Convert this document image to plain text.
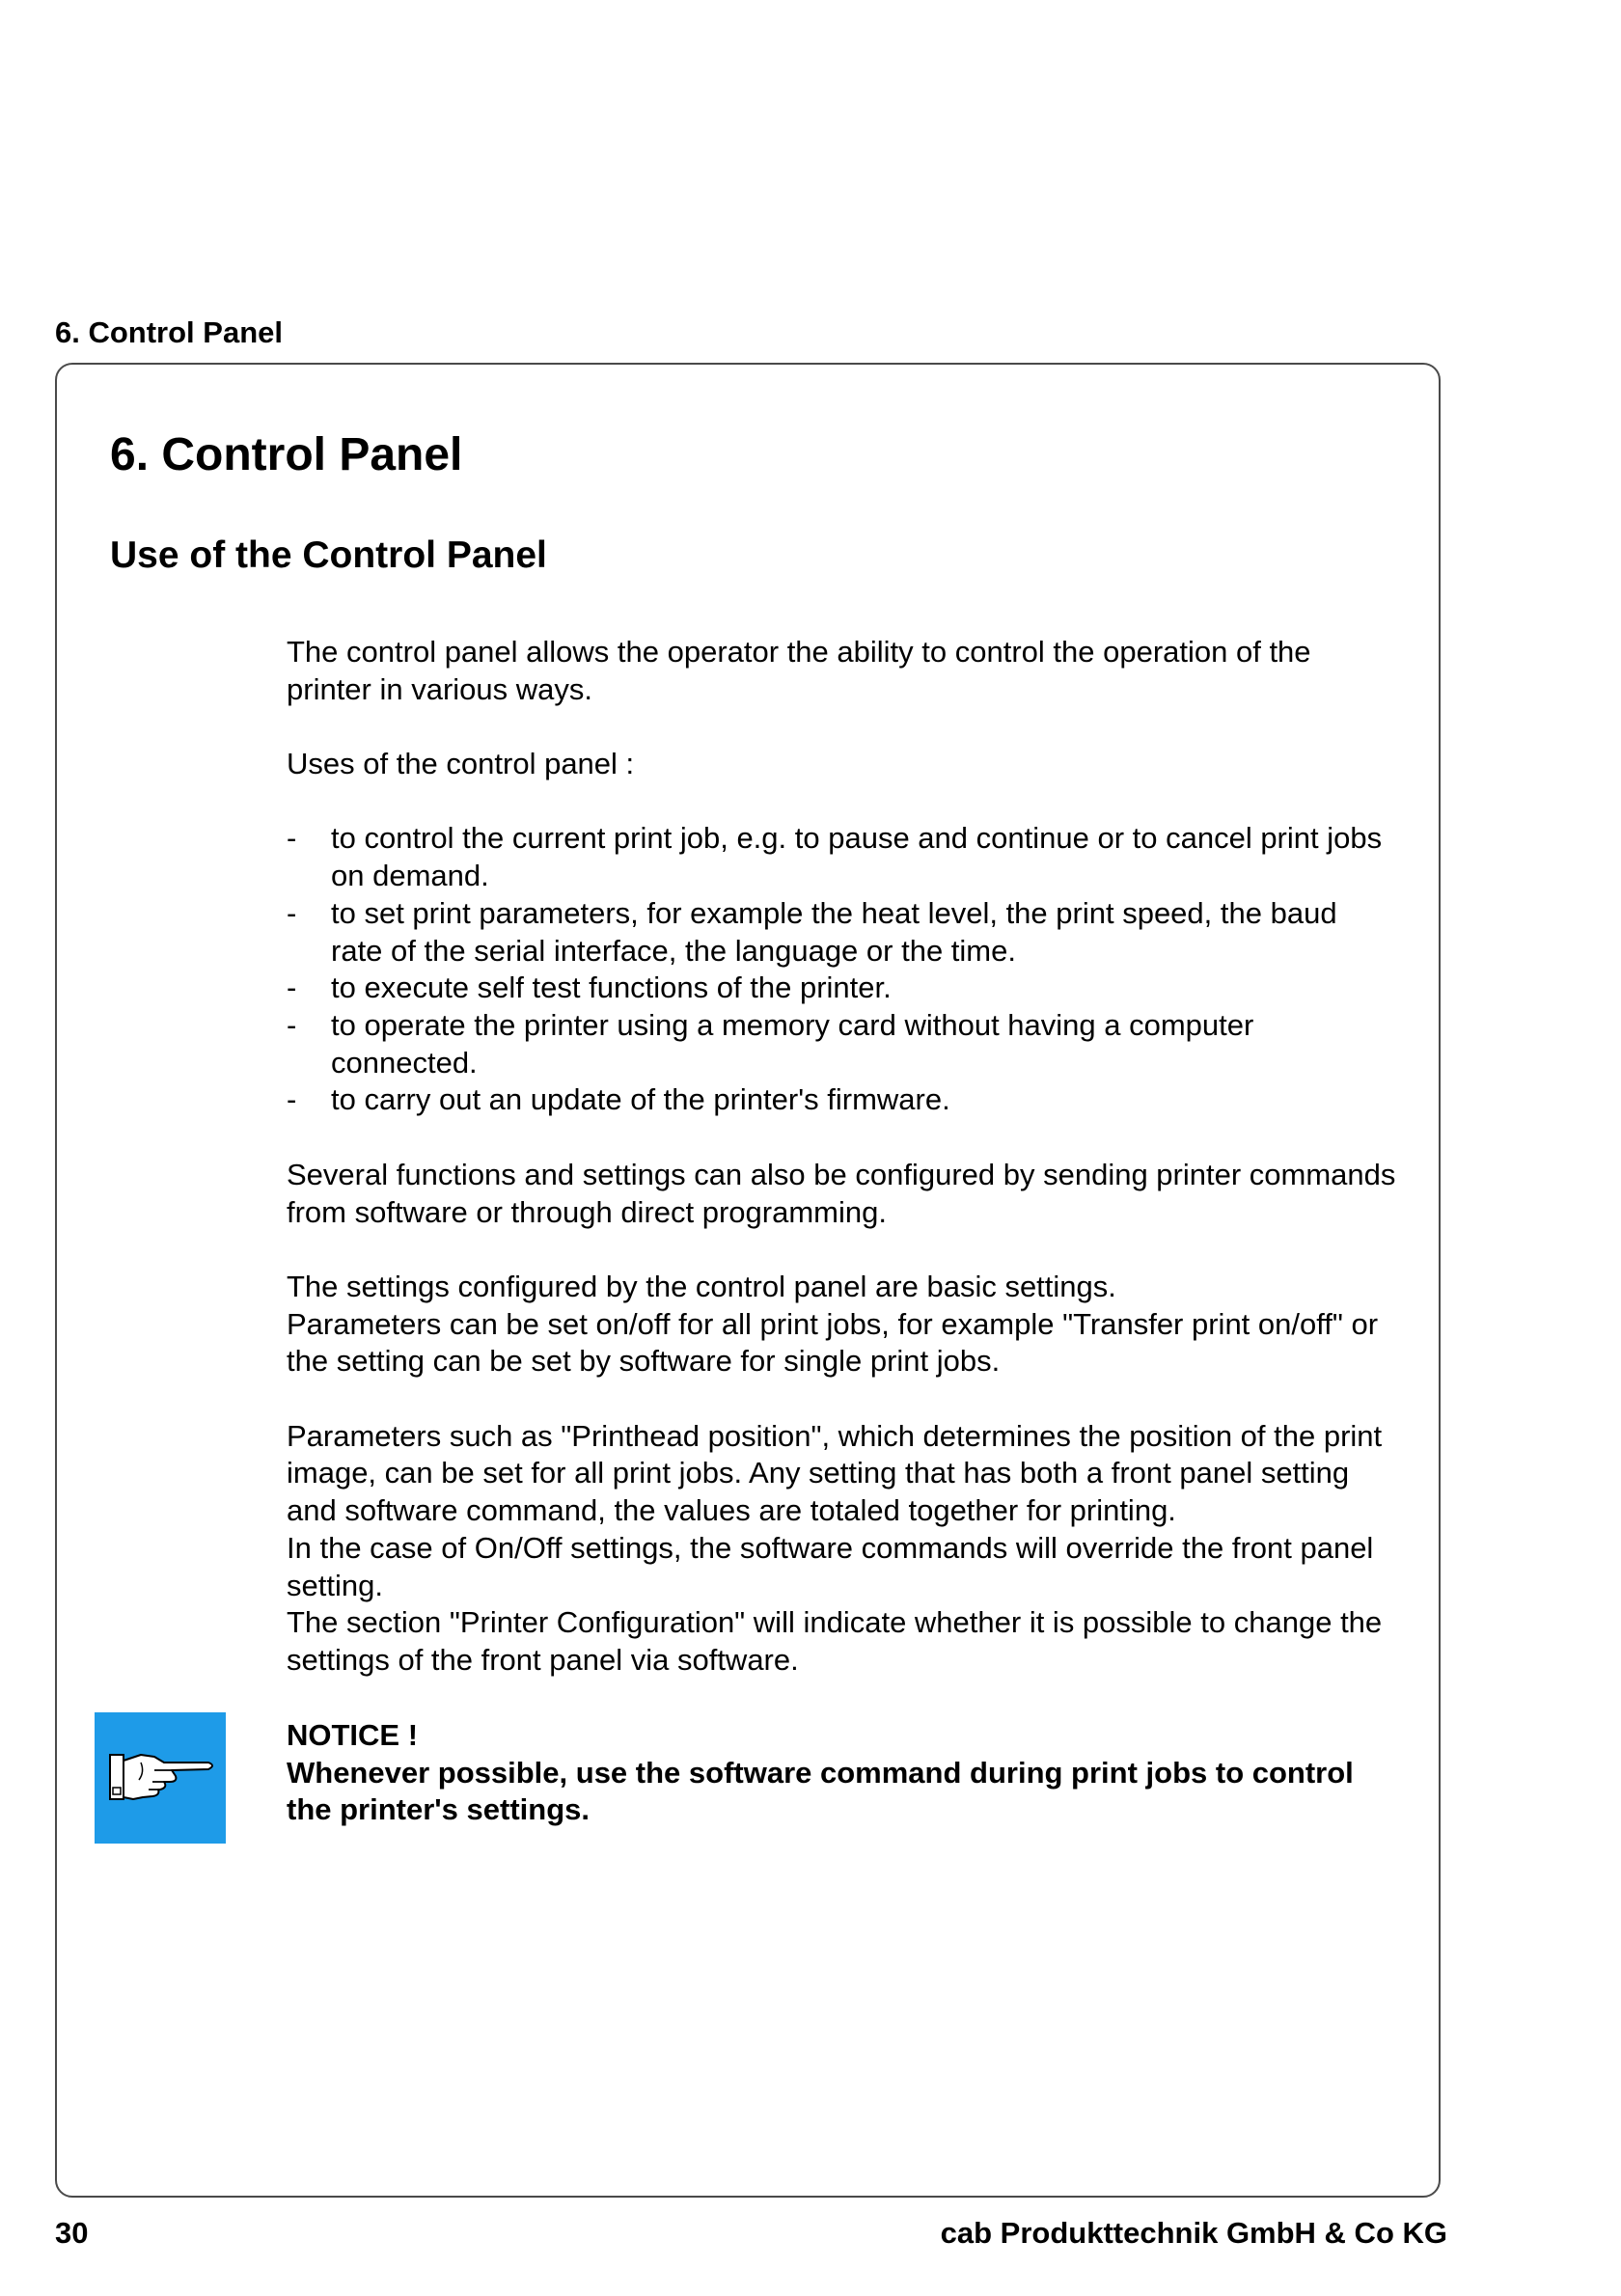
6. Control Panel
6. Control Panel
Use of the Control Panel

The control panel allows the operator the ability to control the operation of the printer in various ways.

Uses of the control panel :

- to control the current print job, e.g. to pause and continue or to cancel print jobs on demand.
- to set print parameters, for example the heat level, the print speed, the baud rate of the serial interface, the language or the time.
- to execute self test functions of the printer.
- to operate the printer using a memory card without having a computer connected.
- to carry out an update of the printer's firmware.

Several functions and settings can also be configured by sending printer commands from software or through direct programming.

The settings configured by the control panel are basic settings.
Parameters can be set on/off for all print jobs, for example "Transfer print on/off" or the setting can be set by software for single print jobs.

Parameters such as "Printhead position", which determines the position of the print image, can be set for all print jobs. Any setting that has both a front panel setting and software command, the values are totaled together for printing.
In the case of On/Off settings, the software commands will override the front panel setting.
The section "Printer Configuration" will indicate whether it is possible to change the settings of the front panel via software.

NOTICE !

Whenever possible, use the software command during print jobs to control the printer's settings.

30	cab Produkttechnik GmbH & Co KG
